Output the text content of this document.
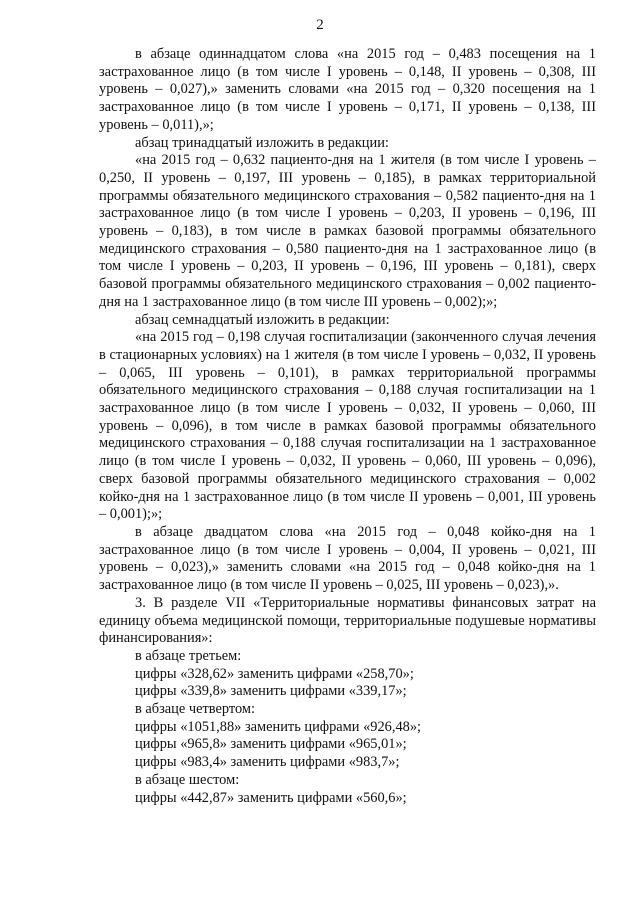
2

в абзаце одиннадцатом слова «на 2015 год – 0,483 посещения на 1 застрахованное лицо (в том числе I уровень – 0,148, II уровень – 0,308, III уровень – 0,027),» заменить словами «на 2015 год – 0,320 посещения на 1 застрахованное лицо (в том числе I уровень – 0,171, II уровень – 0,138, III уровень – 0,011),»;

абзац тринадцатый изложить в редакции:

«на 2015 год – 0,632 пациенто-дня на 1 жителя (в том числе I уровень – 0,250, II уровень – 0,197, III уровень – 0,185), в рамках территориальной программы обязательного медицинского страхования – 0,582 пациенто-дня на 1 застрахованное лицо (в том числе I уровень – 0,203, II уровень – 0,196, III уровень – 0,183), в том числе в рамках базовой программы обязательного медицинского страхования – 0,580 пациенто-дня на 1 застрахованное лицо (в том числе I уровень – 0,203, II уровень – 0,196, III уровень – 0,181), сверх базовой программы обязательного медицинского страхования – 0,002 пациенто-дня на 1 застрахованное лицо (в том числе III уровень – 0,002);»;

абзац семнадцатый изложить в редакции:

«на 2015 год – 0,198 случая госпитализации (законченного случая лечения в стационарных условиях) на 1 жителя (в том числе I уровень – 0,032, II уровень – 0,065, III уровень – 0,101), в рамках территориальной программы обязательного медицинского страхования – 0,188 случая госпитализации на 1 застрахованное лицо (в том числе I уровень – 0,032, II уровень – 0,060, III уровень – 0,096), в том числе в рамках базовой программы обязательного медицинского страхования – 0,188 случая госпитализации на 1 застрахованное лицо (в том числе I уровень – 0,032, II уровень – 0,060, III уровень – 0,096), сверх базовой программы обязательного медицинского страхования – 0,002 койко-дня на 1 застрахованное лицо (в том числе II уровень – 0,001, III уровень – 0,001);»;

в абзаце двадцатом слова «на 2015 год – 0,048 койко-дня на 1 застрахованное лицо (в том числе I уровень – 0,004, II уровень – 0,021, III уровень – 0,023),» заменить словами «на 2015 год – 0,048 койко-дня на 1 застрахованное лицо (в том числе II уровень – 0,025, III уровень – 0,023),».

3. В разделе VII «Территориальные нормативы финансовых затрат на единицу объема медицинской помощи, территориальные подушевые нормативы финансирования»:

в абзаце третьем:

цифры «328,62» заменить цифрами «258,70»;

цифры «339,8» заменить цифрами «339,17»;

в абзаце четвертом:

цифры «1051,88» заменить цифрами «926,48»;

цифры «965,8» заменить цифрами «965,01»;

цифры «983,4» заменить цифрами «983,7»;

в абзаце шестом:

цифры «442,87» заменить цифрами «560,6»;
